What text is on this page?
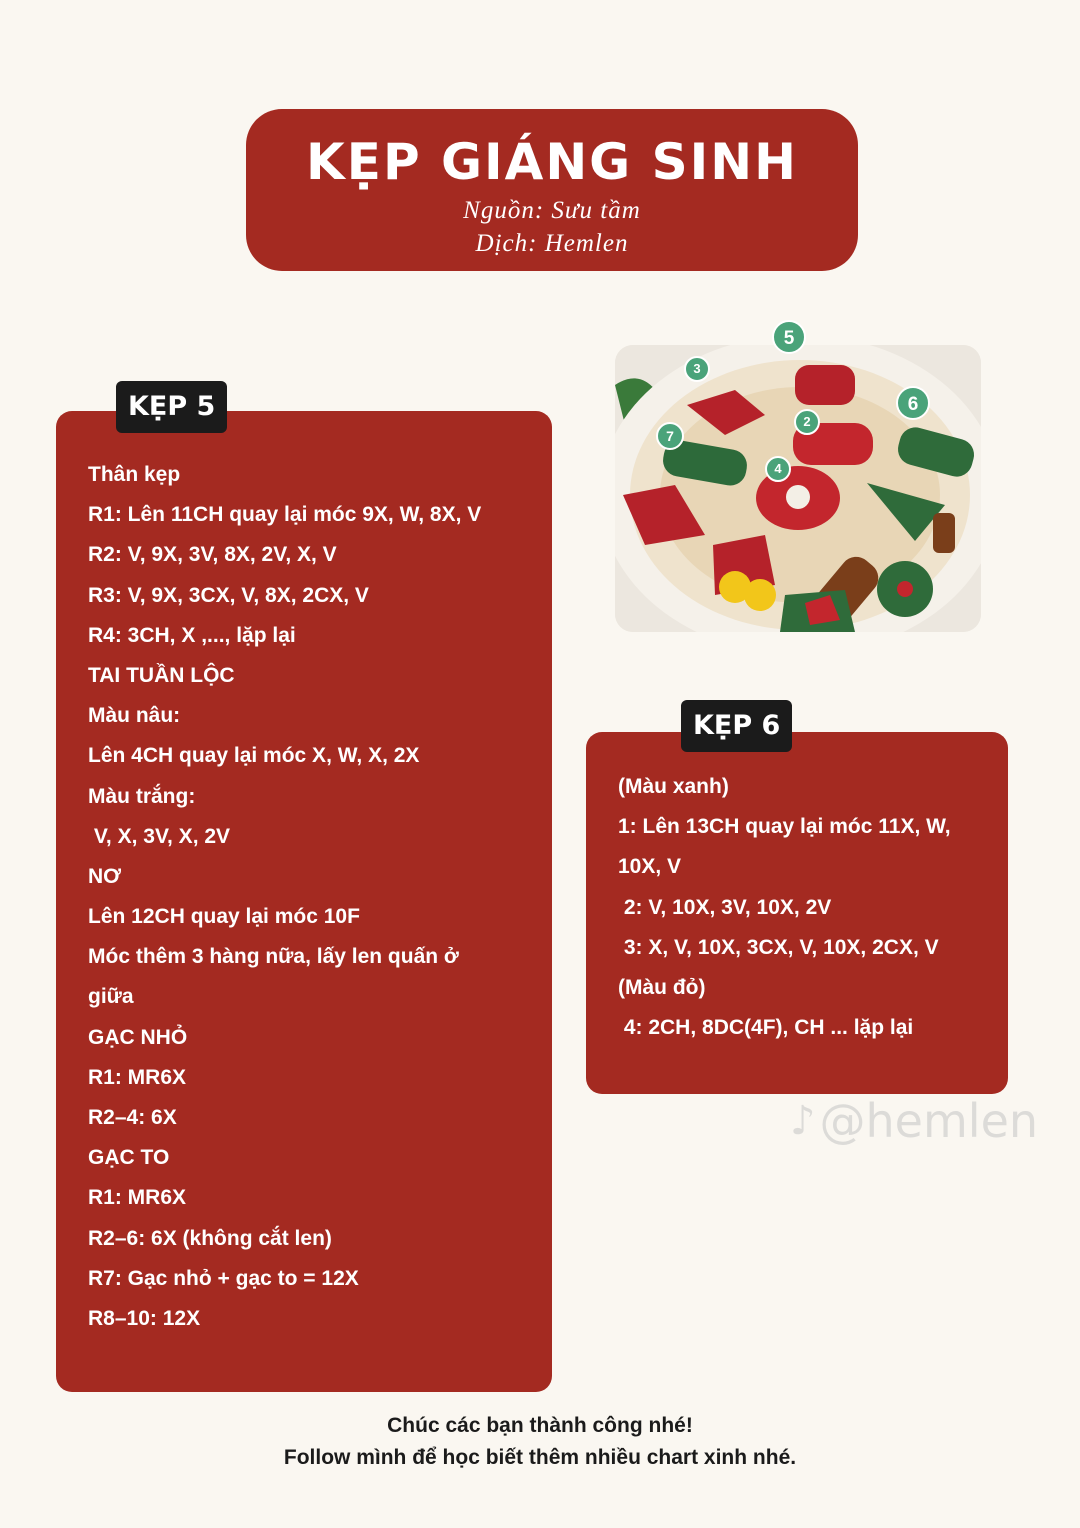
KẸP GIÁNG SINH
Nguồn: Sưu tầm
Dịch: Hemlen
5
6
3
2
7
4
Thân kẹp
R1: Lên 11CH quay lại móc 9X, W, 8X, V
R2: V, 9X, 3V, 8X, 2V, X, V
R3: V, 9X, 3CX, V, 8X, 2CX, V
R4: 3CH, X ,..., lặp lại
TAI TUẦN LỘC
Màu nâu:
Lên 4CH quay lại móc X, W, X, 2X
Màu trắng:
V, X, 3V, X, 2V
NƠ
Lên 12CH quay lại móc 10F
Móc thêm 3 hàng nữa, lấy len quấn ở
giữa
GẠC NHỎ
R1: MR6X
R2–4: 6X
GẠC TO
R1: MR6X
R2–6: 6X (không cắt len)
R7: Gạc nhỏ + gạc to = 12X
R8–10: 12X
KẸP 5
(Màu xanh)
1: Lên 13CH quay lại móc 11X, W,
10X, V
2: V, 10X, 3V, 10X, 2V
3: X, V, 10X, 3CX, V, 10X, 2CX, V
(Màu đỏ)
4: 2CH, 8DC(4F), CH ... lặp lại
KẸP 6
♪ @hemlen
Chúc các bạn thành công nhé!
Follow mình để học biết thêm nhiều chart xinh nhé.
